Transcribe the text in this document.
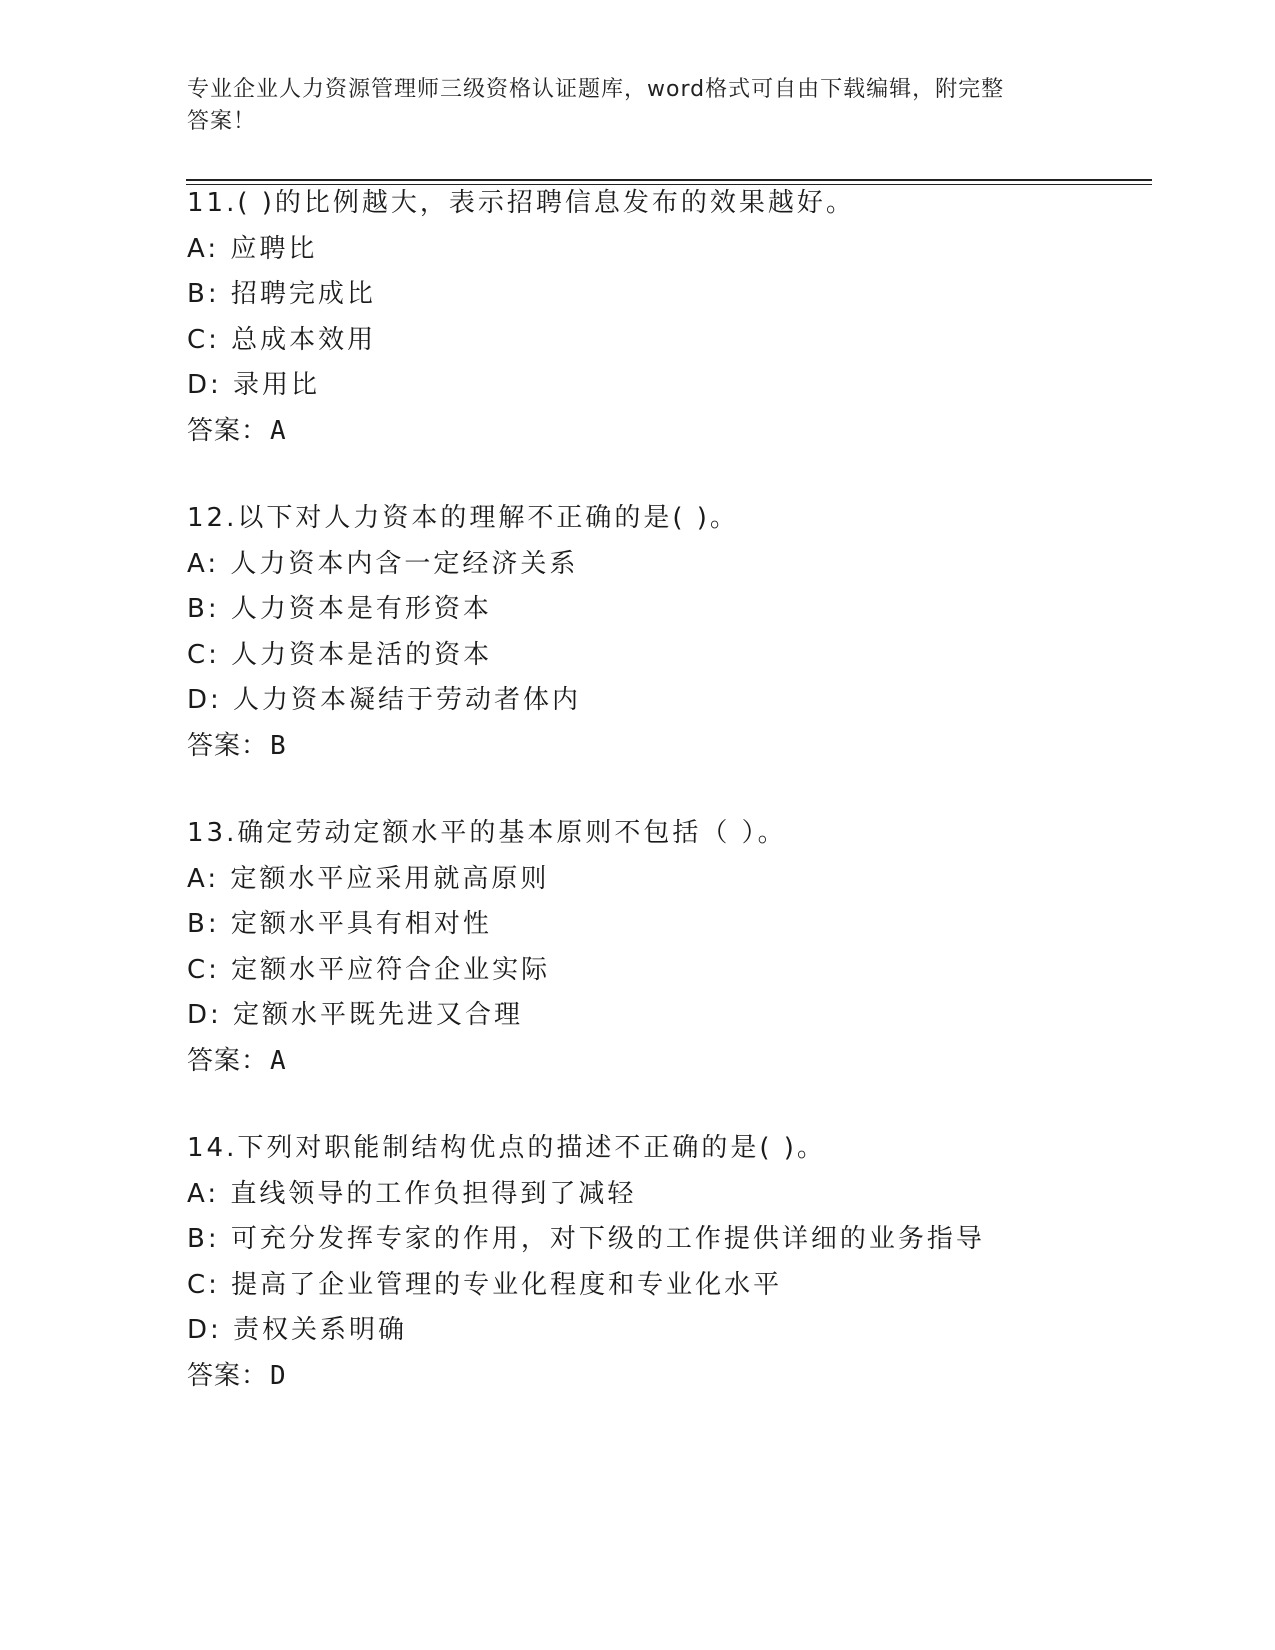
专业企业人力资源管理师三级资格认证题库，word格式可自由下载编辑，附完整
答案！
11.( )的比例越大，表示招聘信息发布的效果越好。
A: 应聘比
B: 招聘完成比
C: 总成本效用
D: 录用比
答案：A
12.以下对人力资本的理解不正确的是( )。
A: 人力资本内含一定经济关系
B: 人力资本是有形资本
C: 人力资本是活的资本
D: 人力资本凝结于劳动者体内
答案：B
13.确定劳动定额水平的基本原则不包括（ ）。
A: 定额水平应采用就高原则
B: 定额水平具有相对性
C: 定额水平应符合企业实际
D: 定额水平既先进又合理
答案：A
14.下列对职能制结构优点的描述不正确的是( )。
A: 直线领导的工作负担得到了减轻
B: 可充分发挥专家的作用，对下级的工作提供详细的业务指导
C: 提高了企业管理的专业化程度和专业化水平
D: 责权关系明确
答案：D
